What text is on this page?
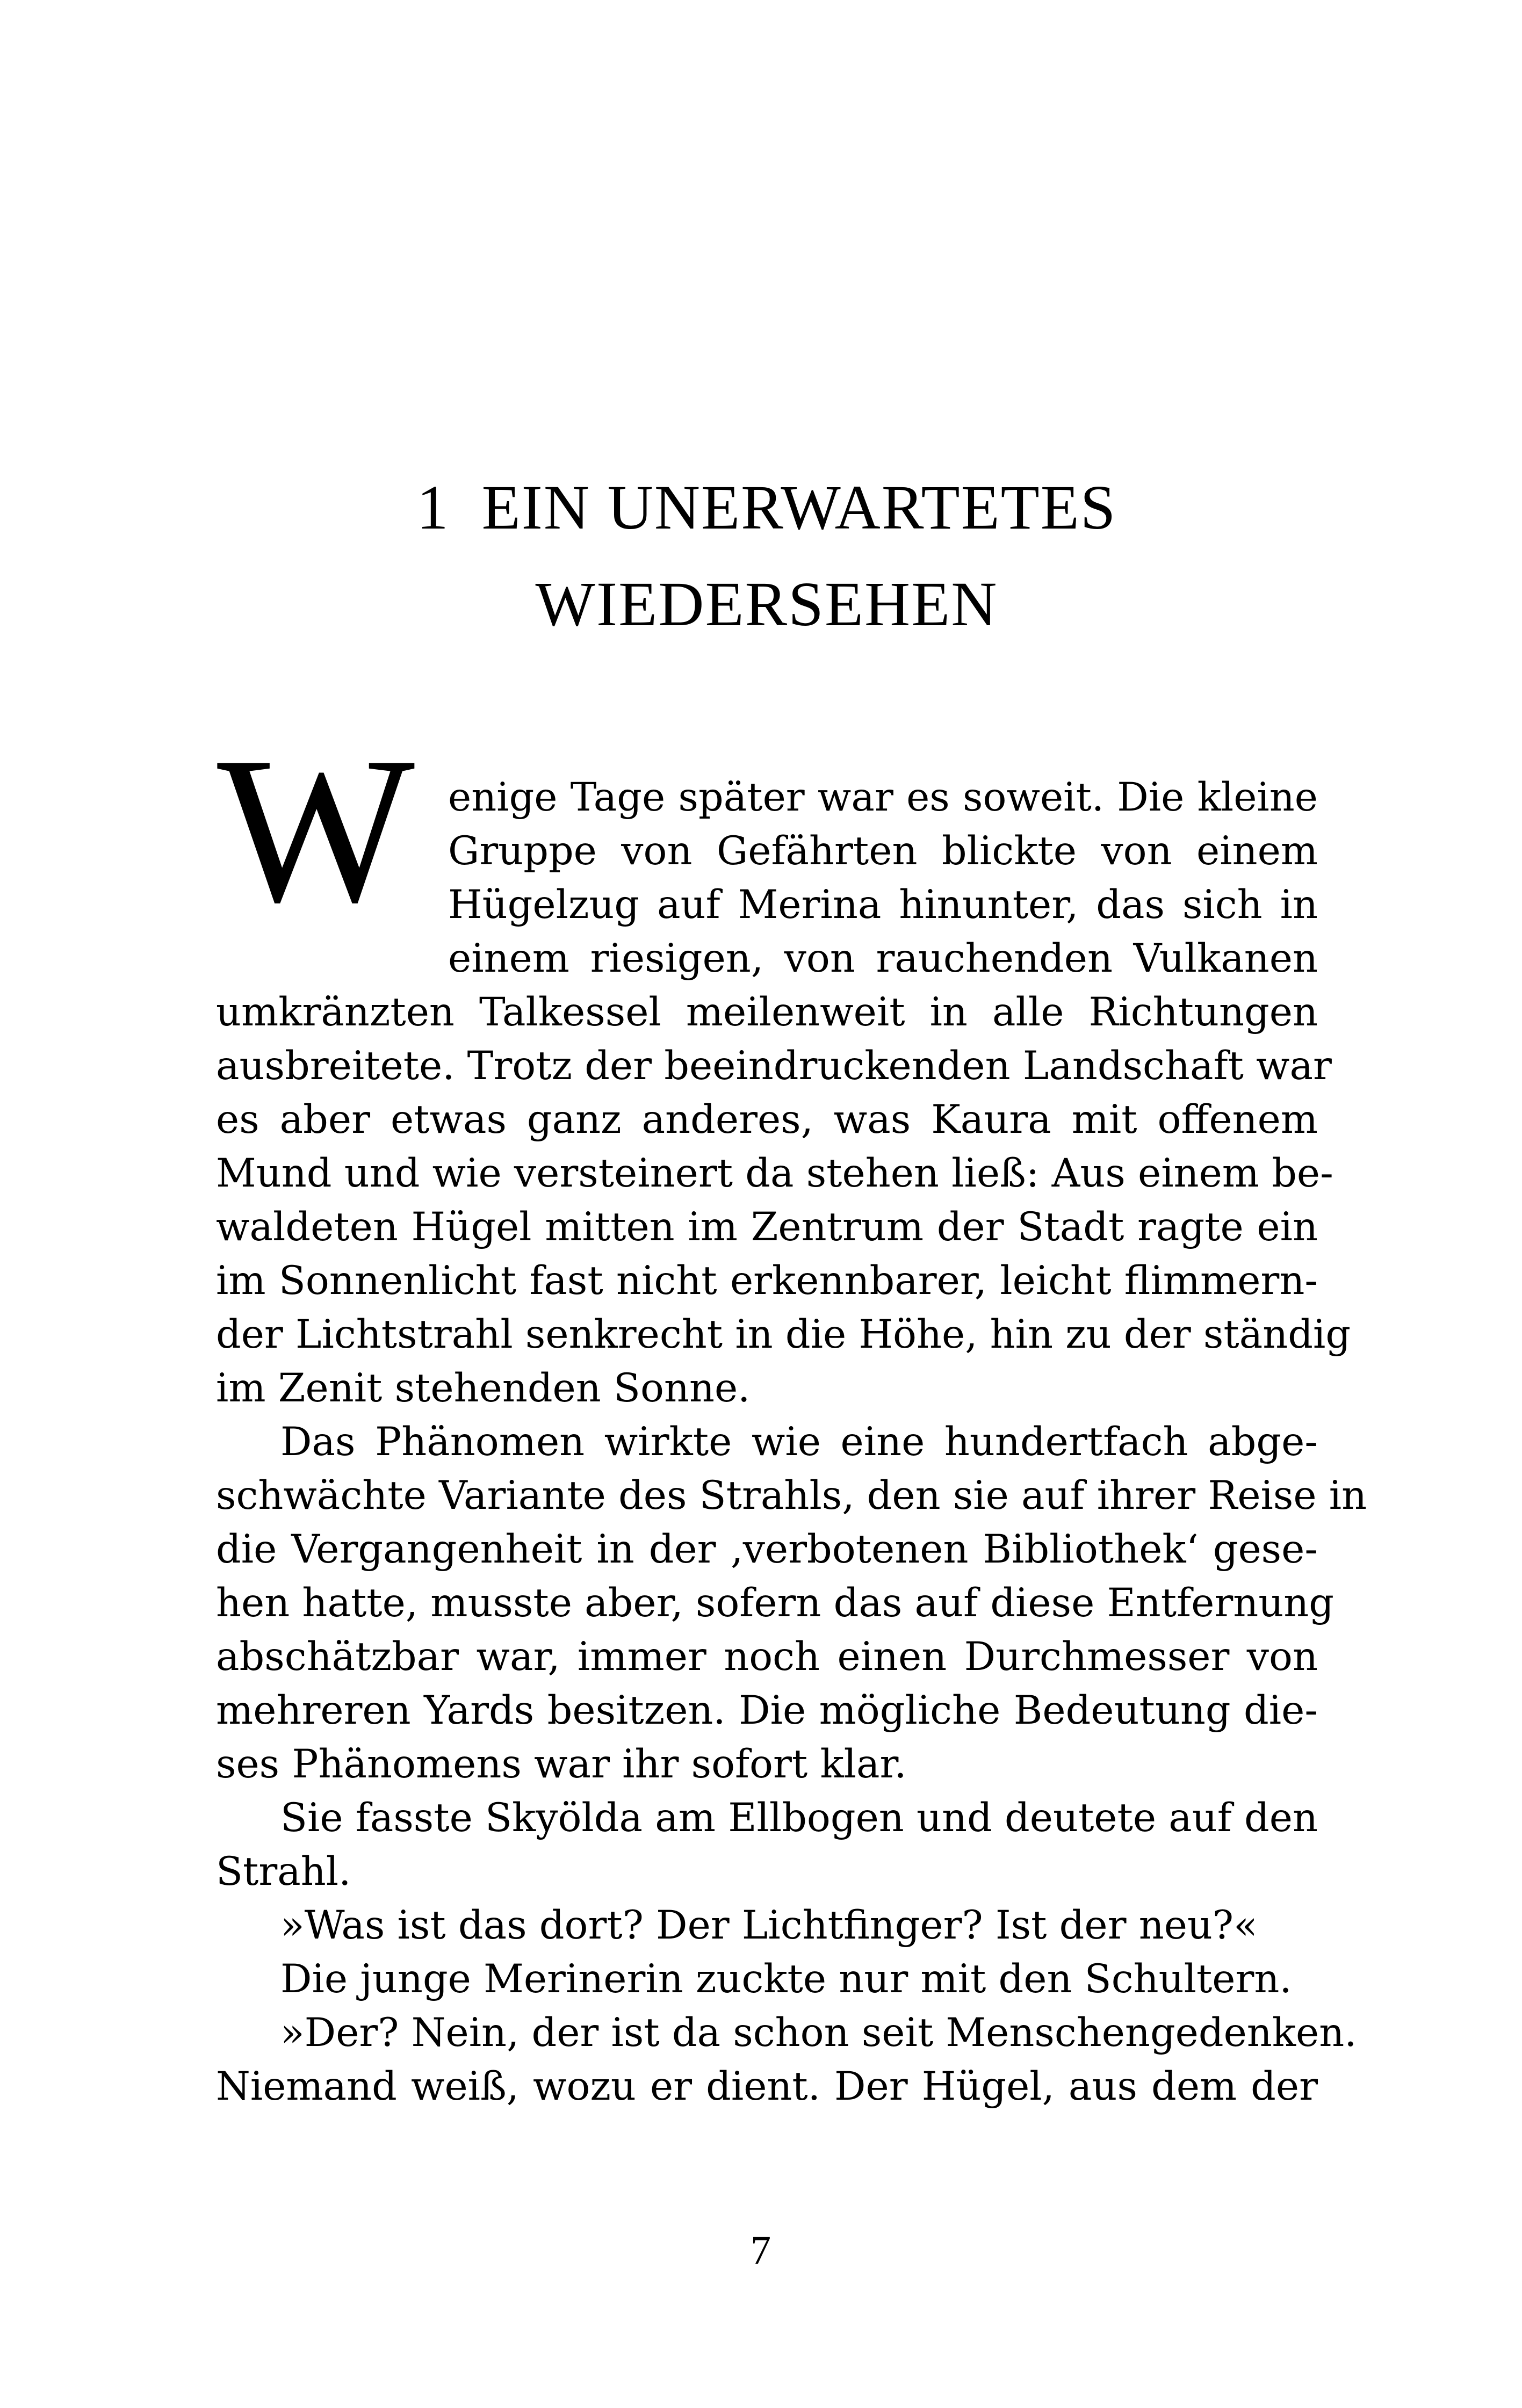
1 EIN UNERWARTETES
WIEDERSEHEN
W enige Tage später war es soweit. Die kleine

Gruppe von Gefährten blickte von einem

Hügelzug auf Merina hinunter, das sich in

einem riesigen, von rauchenden Vulkanen

umkränzten Talkessel meilenweit in alle Richtungen

ausbreitete. Trotz der beeindruckenden Landschaft war

es aber etwas ganz anderes, was Kaura mit offenem

Mund und wie versteinert da stehen ließ: Aus einem be-

waldeten Hügel mitten im Zentrum der Stadt ragte ein

im Sonnenlicht fast nicht erkennbarer, leicht flimmern-

der Lichtstrahl senkrecht in die Höhe, hin zu der ständig

im Zenit stehenden Sonne.

Das Phänomen wirkte wie eine hundertfach abge-

schwächte Variante des Strahls, den sie auf ihrer Reise in

die Vergangenheit in der ‚verbotenen Bibliothek‘ gese-

hen hatte, musste aber, sofern das auf diese Entfernung

abschätzbar war, immer noch einen Durchmesser von

mehreren Yards besitzen. Die mögliche Bedeutung die-

ses Phänomens war ihr sofort klar.

Sie fasste Skyölda am Ellbogen und deutete auf den

Strahl.

»Was ist das dort? Der Lichtfinger? Ist der neu?«

Die junge Merinerin zuckte nur mit den Schultern.

»Der? Nein, der ist da schon seit Menschengedenken.

Niemand weiß, wozu er dient. Der Hügel, aus dem der

7
